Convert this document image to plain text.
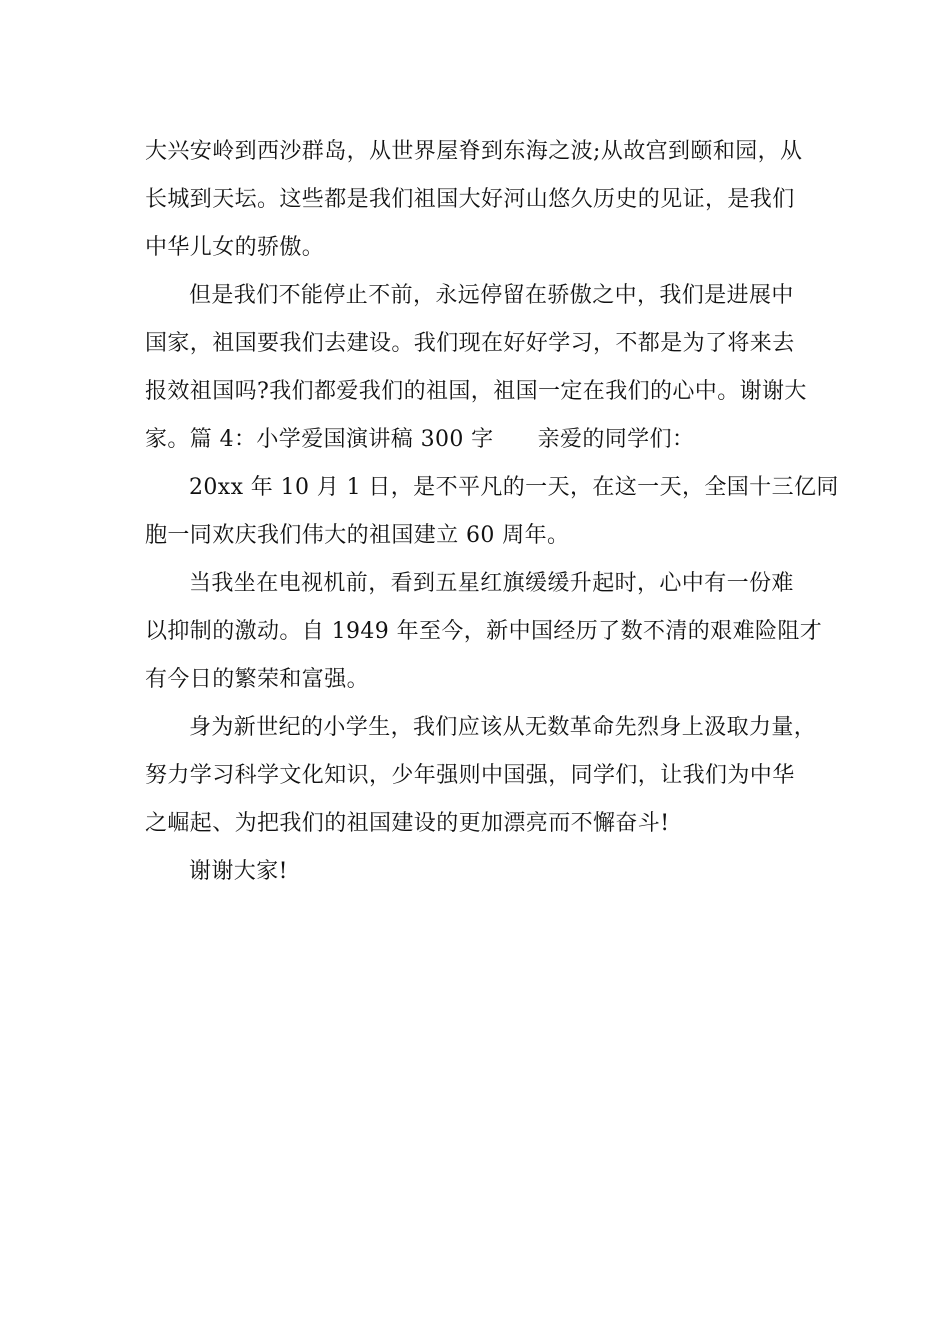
大兴安岭到西沙群岛，从世界屋脊到东海之波;从故宫到颐和园，从
长城到天坛。这些都是我们祖国大好河山悠久历史的见证，是我们
中华儿女的骄傲。
但是我们不能停止不前，永远停留在骄傲之中，我们是进展中
国家，祖国要我们去建设。我们现在好好学习，不都是为了将来去
报效祖国吗?我们都爱我们的祖国，祖国一定在我们的心中。谢谢大
家。篇 4：小学爱国演讲稿 300 字 亲爱的同学们：
20xx 年 10 月 1 日，是不平凡的一天，在这一天，全国十三亿同
胞一同欢庆我们伟大的祖国建立 60 周年。
当我坐在电视机前，看到五星红旗缓缓升起时，心中有一份难
以抑制的激动。自 1949 年至今，新中国经历了数不清的艰难险阻才
有今日的繁荣和富强。
身为新世纪的小学生，我们应该从无数革命先烈身上汲取力量，
努力学习科学文化知识，少年强则中国强，同学们，让我们为中华
之崛起、为把我们的祖国建设的更加漂亮而不懈奋斗!
谢谢大家!
